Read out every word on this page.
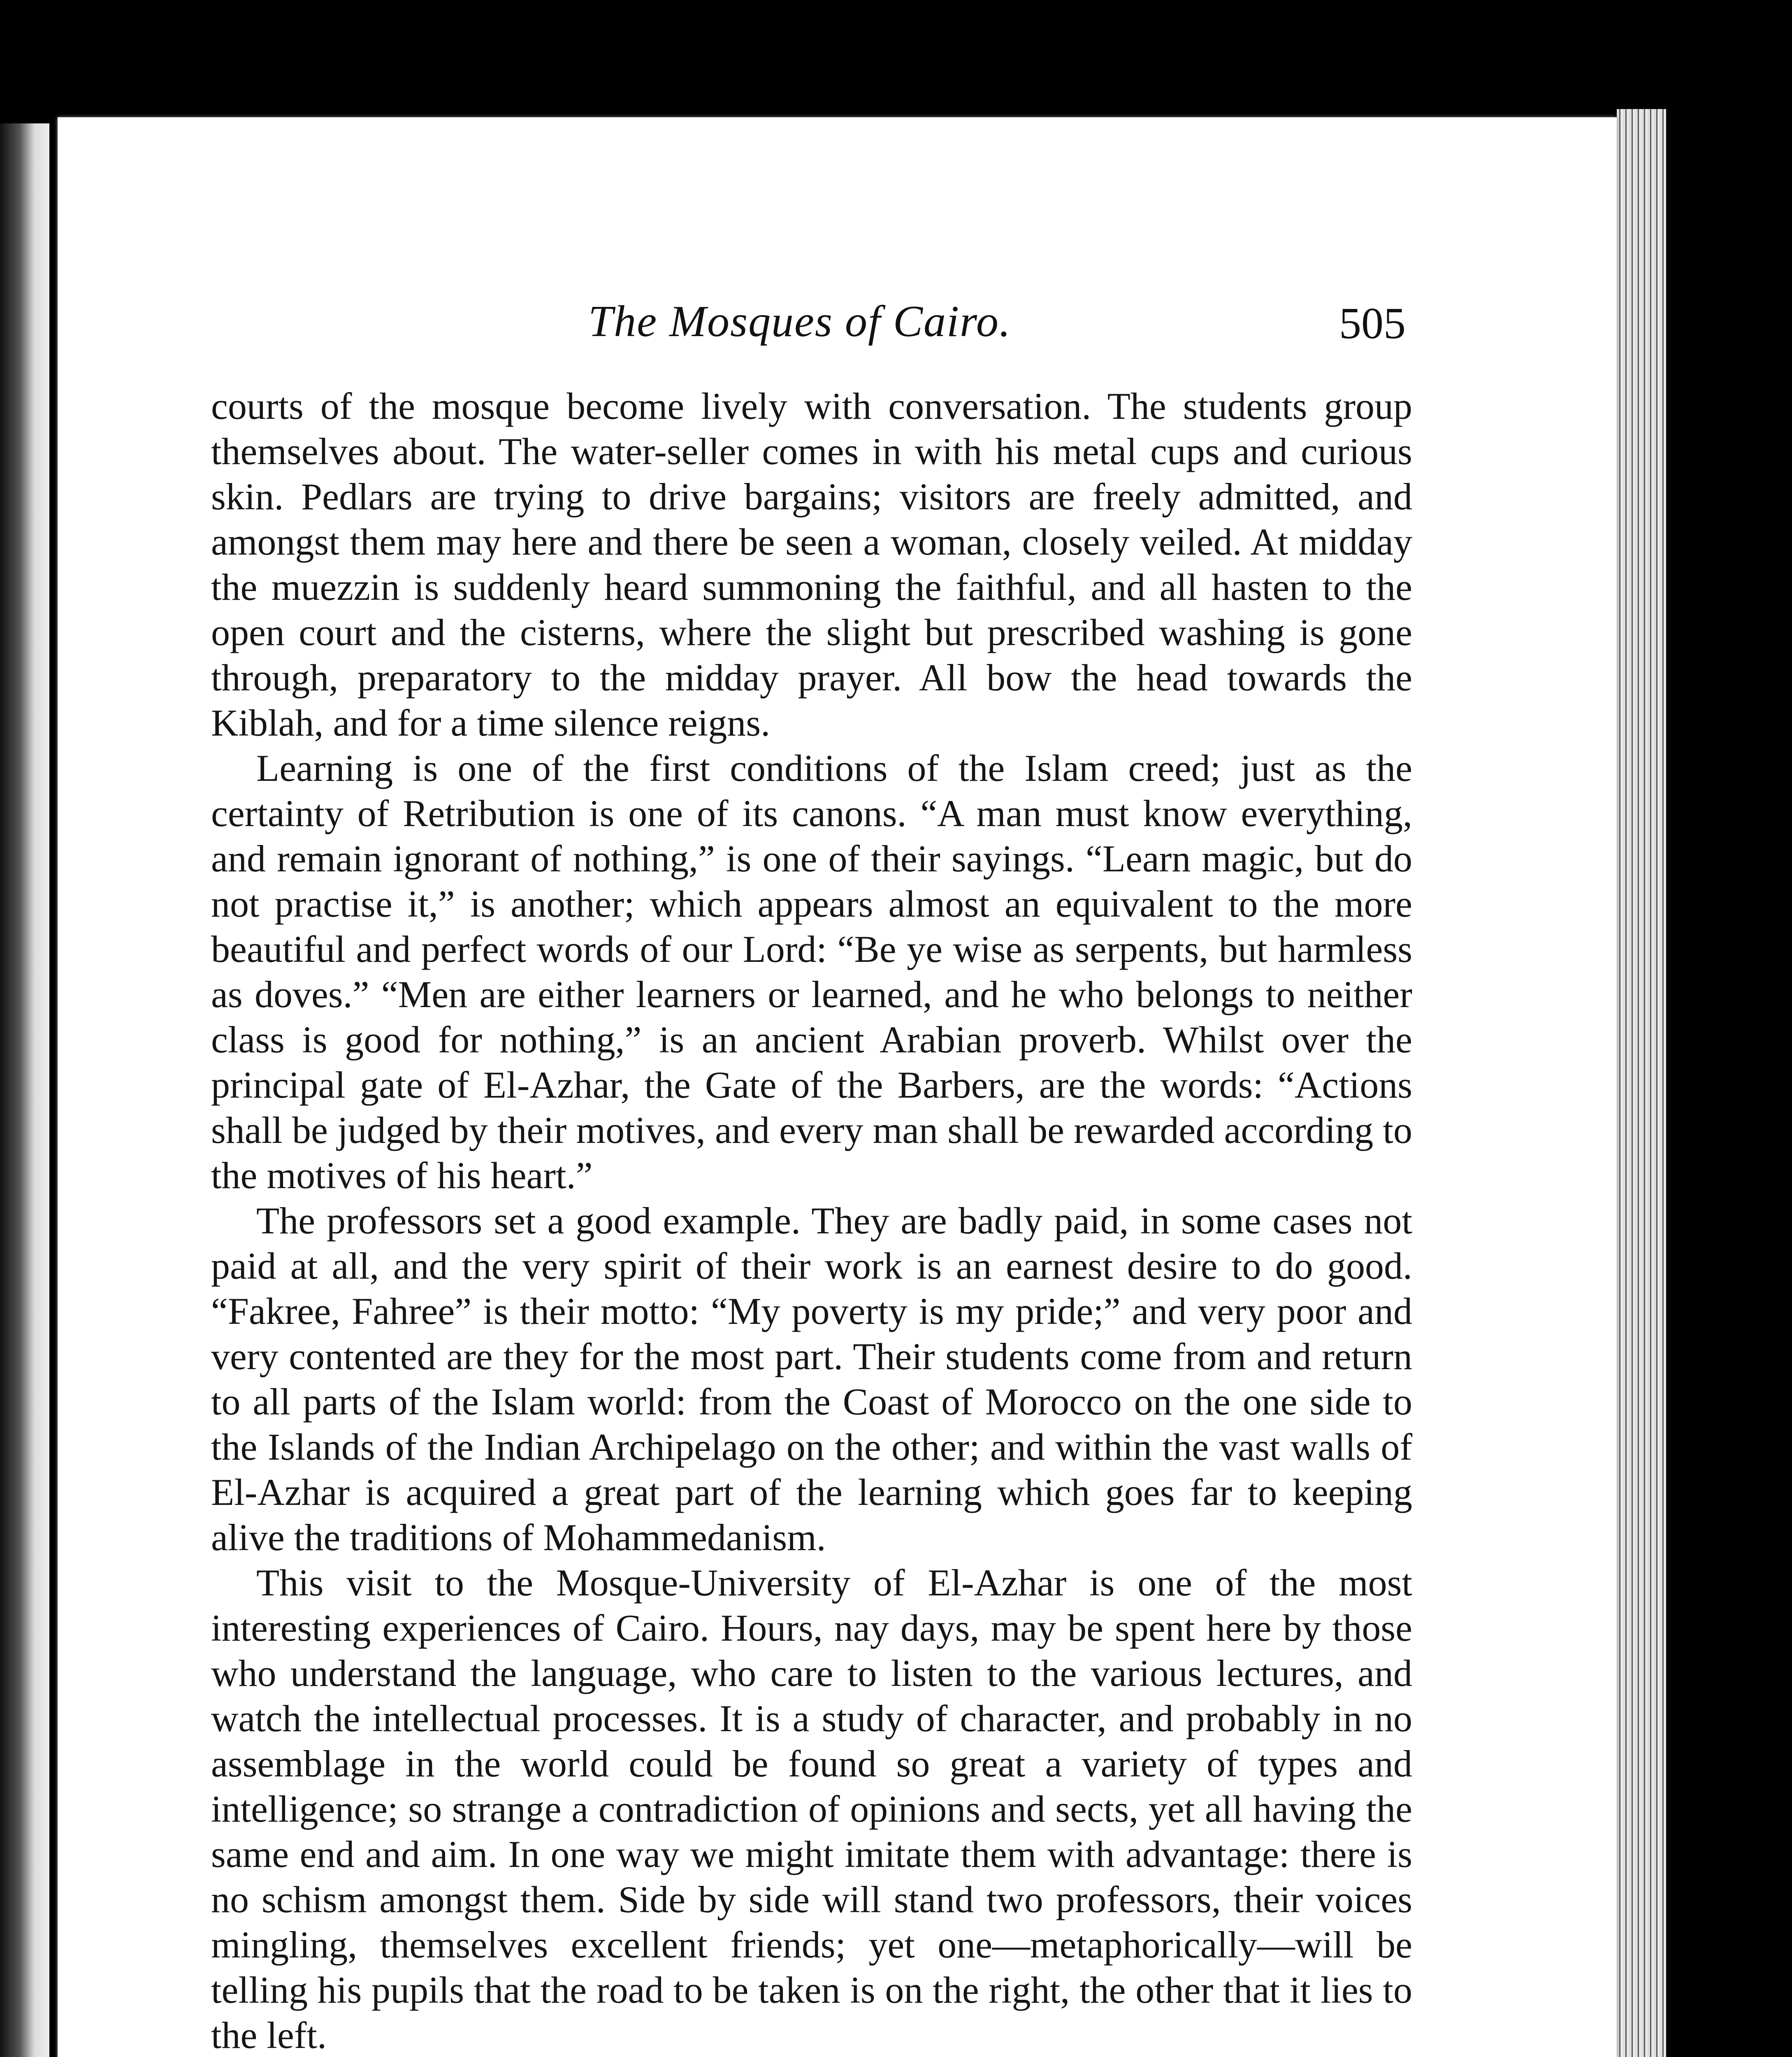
The Mosques of Cairo.	505

courts of the mosque become lively with conversation. The students group themselves about. The water-seller comes in with his metal cups and curious skin. Pedlars are trying to drive bargains; visitors are freely admitted, and amongst them may here and there be seen a woman, closely veiled. At midday the muezzin is suddenly heard summoning the faithful, and all hasten to the open court and the cisterns, where the slight but prescribed washing is gone through, preparatory to the midday prayer. All bow the head towards the Kiblah, and for a time silence reigns.

Learning is one of the first conditions of the Islam creed; just as the certainty of Retribution is one of its canons. “A man must know everything, and remain ignorant of nothing,” is one of their sayings. “Learn magic, but do not practise it,” is another; which appears almost an equivalent to the more beautiful and perfect words of our Lord: “Be ye wise as serpents, but harmless as doves.” “Men are either learners or learned, and he who belongs to neither class is good for nothing,” is an ancient Arabian proverb. Whilst over the principal gate of El-Azhar, the Gate of the Barbers, are the words: “Actions shall be judged by their motives, and every man shall be rewarded according to the motives of his heart.”

The professors set a good example. They are badly paid, in some cases not paid at all, and the very spirit of their work is an earnest desire to do good. “Fakree, Fahree” is their motto: “My poverty is my pride;” and very poor and very contented are they for the most part. Their students come from and return to all parts of the Islam world: from the Coast of Morocco on the one side to the Islands of the Indian Archipelago on the other; and within the vast walls of El-Azhar is acquired a great part of the learning which goes far to keeping alive the traditions of Mohammedanism.

This visit to the Mosque-University of El-Azhar is one of the most interesting experiences of Cairo. Hours, nay days, may be spent here by those who understand the language, who care to listen to the various lectures, and watch the intellectual processes. It is a study of character, and probably in no assemblage in the world could be found so great a variety of types and intelligence; so strange a contradiction of opinions and sects, yet all having the same end and aim. In one way we might imitate them with advantage: there is no schism amongst them. Side by side will stand two professors, their voices mingling, themselves excellent friends; yet one—metaphorically—will be telling his pupils that the road to be taken is on the right, the other that it lies to the left.
